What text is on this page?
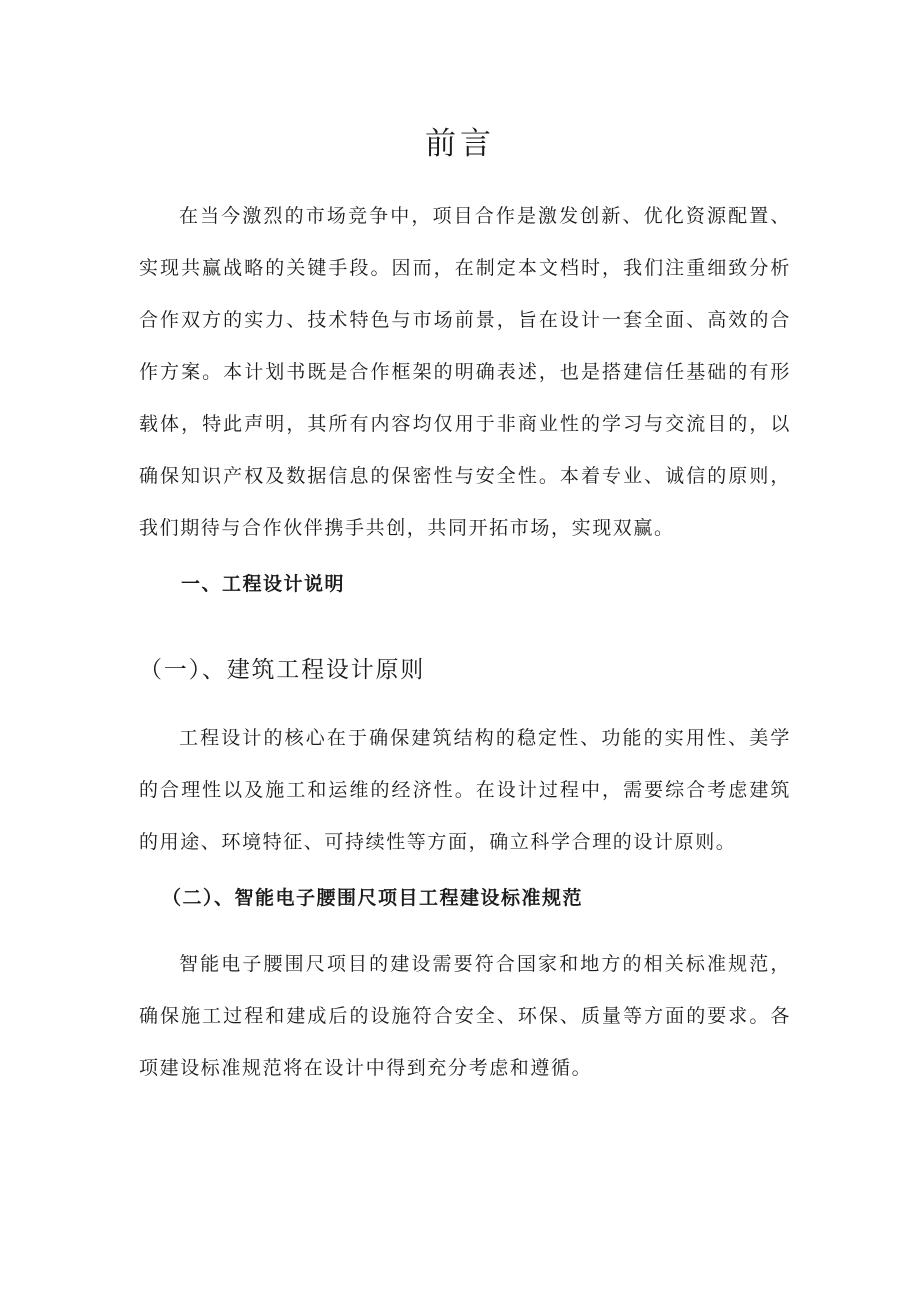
前言

在当今激烈的市场竞争中，项目合作是激发创新、优化资源配置、实现共赢战略的关键手段。因而，在制定本文档时，我们注重细致分析合作双方的实力、技术特色与市场前景，旨在设计一套全面、高效的合作方案。本计划书既是合作框架的明确表述，也是搭建信任基础的有形载体，特此声明，其所有内容均仅用于非商业性的学习与交流目的，以确保知识产权及数据信息的保密性与安全性。本着专业、诚信的原则，我们期待与合作伙伴携手共创，共同开拓市场，实现双赢。

一、工程设计说明
（一）、建筑工程设计原则

工程设计的核心在于确保建筑结构的稳定性、功能的实用性、美学的合理性以及施工和运维的经济性。在设计过程中，需要综合考虑建筑的用途、环境特征、可持续性等方面，确立科学合理的设计原则。

（二）、智能电子腰围尺项目工程建设标准规范

智能电子腰围尺项目的建设需要符合国家和地方的相关标准规范，确保施工过程和建成后的设施符合安全、环保、质量等方面的要求。各项建设标准规范将在设计中得到充分考虑和遵循。
